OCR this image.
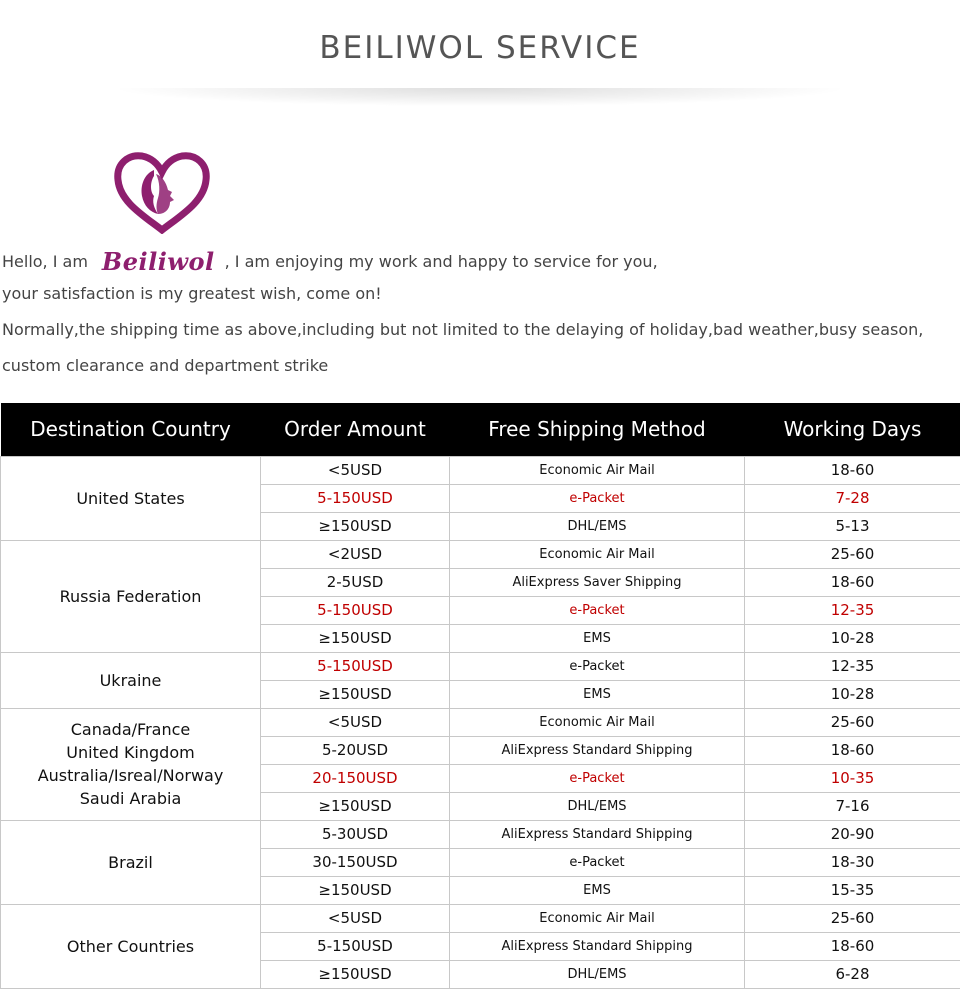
BEILIWOL SERVICE
Hello, I am Beiliwol , I am enjoying my work and happy to service for you,
your satisfaction is my greatest wish, come on!
Normally,the shipping time as above,including but not limited to the delaying of holiday,bad weather,busy season,
custom clearance and department strike
Destination Country	Order Amount	Free Shipping Method	Working Days

United States	<5USD	Economic Air Mail	18-60
	5-150USD	e-Packet	7-28
	≥150USD	DHL/EMS	5-13

Russia Federation	<2USD	Economic Air Mail	25-60
	2-5USD	AliExpress Saver Shipping	18-60
	5-150USD	e-Packet	12-35
	≥150USD	EMS	10-28

Ukraine	5-150USD	e-Packet	12-35
	≥150USD	EMS	10-28

Canada/France
United Kingdom
Australia/Isreal/Norway
Saudi Arabia	<5USD	Economic Air Mail	25-60
	5-20USD	AliExpress Standard Shipping	18-60
	20-150USD	e-Packet	10-35
	≥150USD	DHL/EMS	7-16

Brazil	5-30USD	AliExpress Standard Shipping	20-90
	30-150USD	e-Packet	18-30
	≥150USD	EMS	15-35

Other Countries	<5USD	Economic Air Mail	25-60
	5-150USD	AliExpress Standard Shipping	18-60
	≥150USD	DHL/EMS	6-28
